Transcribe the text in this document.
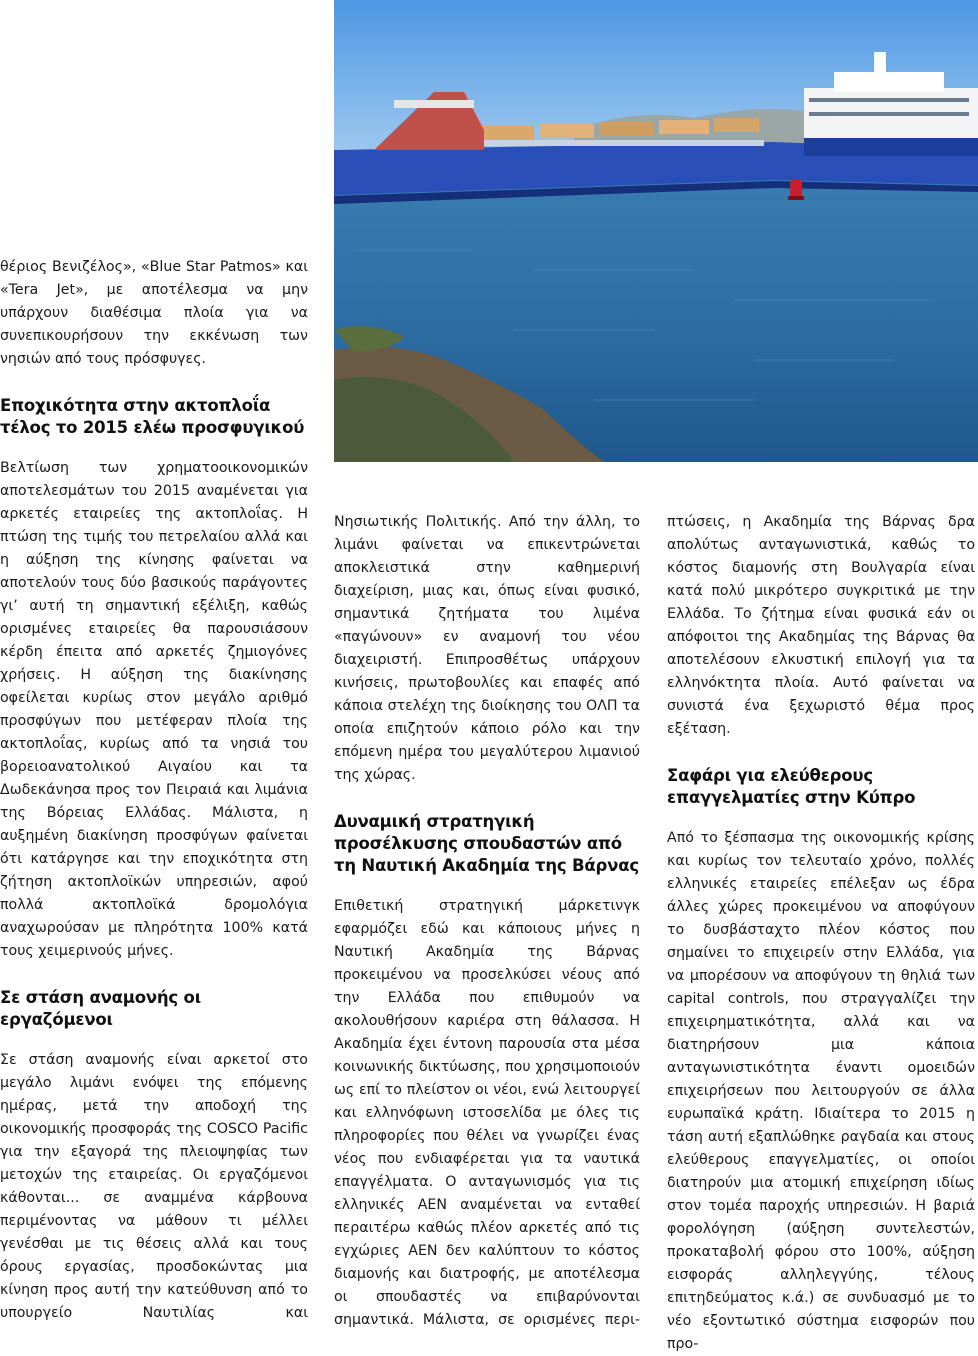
θέριος Βενιζέλος», «Blue Star Patmos» και «Tera Jet», με αποτέλεσμα να μην υπάρχουν διαθέσιμα πλοία για να συνεπικουρήσουν την εκκένωση των νησιών από τους πρόσφυγες.

Εποχικότητα στην ακτοπλοΐα τέλος το 2015 ελέω προσφυγικού

Βελτίωση των χρηματοοικονομικών αποτελεσμάτων του 2015 αναμένεται για αρκετές εταιρείες της ακτοπλοΐας. Η πτώση της τιμής του πετρελαίου αλλά και η αύξηση της κίνησης φαίνεται να αποτελούν τους δύο βασικούς παράγοντες γι’ αυτή τη σημαντική εξέλιξη, καθώς ορισμένες εταιρείες θα παρουσιάσουν κέρδη έπειτα από αρκετές ζημιογόνες χρήσεις. Η αύξηση της διακίνησης οφείλεται κυρίως στον μεγάλο αριθμό προσφύγων που μετέφεραν πλοία της ακτοπλοΐας, κυρίως από τα νησιά του βορειοανατολικού Αιγαίου και τα Δωδεκάνησα προς τον Πειραιά και λιμάνια της Βόρειας Ελλάδας. Μάλιστα, η αυξημένη διακίνηση προσφύγων φαίνεται ότι κατάργησε και την εποχικότητα στη ζήτηση ακτοπλοϊκών υπηρεσιών, αφού πολλά ακτοπλοϊκά δρομολόγια αναχωρούσαν με πληρότητα 100% κατά τους χειμερινούς μήνες.

Σε στάση αναμονής οι εργαζόμενοι

Σε στάση αναμονής είναι αρκετοί στο μεγάλο λιμάνι ενόψει της επόμενης ημέρας, μετά την αποδοχή της οικονομικής προσφοράς της COSCO Pacific για την εξαγορά της πλειοψηφίας των μετοχών της εταιρείας. Οι εργαζόμενοι κάθονται... σε αναμμένα κάρβουνα περιμένοντας να μάθουν τι μέλλει γενέσθαι με τις θέσεις αλλά και τους όρους εργασίας, προσδοκώντας μια κίνηση προς αυτή την κατεύθυνση από το υπουργείο Ναυτιλίας και

Νησιωτικής Πολιτικής. Από την άλλη, το λιμάνι φαίνεται να επικεντρώνεται αποκλειστικά στην καθημερινή διαχείριση, μιας και, όπως είναι φυσικό, σημαντικά ζητήματα του λιμένα «παγώνουν» εν αναμονή του νέου διαχειριστή. Επιπροσθέτως υπάρχουν κινήσεις, πρωτοβουλίες και επαφές από κάποια στελέχη της διοίκησης του ΟΛΠ τα οποία επιζητούν κάποιο ρόλο και την επόμενη ημέρα του μεγαλύτερου λιμανιού της χώρας.

Δυναμική στρατηγική προσέλκυσης σπουδαστών από τη Ναυτική Ακαδημία της Βάρνας

Επιθετική στρατηγική μάρκετινγκ εφαρμόζει εδώ και κάποιους μήνες η Ναυτική Ακαδημία της Βάρνας προκειμένου να προσελκύσει νέους από την Ελλάδα που επιθυμούν να ακολουθήσουν καριέρα στη θάλασσα. Η Ακαδημία έχει έντονη παρουσία στα μέσα κοινωνικής δικτύωσης, που χρησιμοποιούν ως επί το πλείστον οι νέοι, ενώ λειτουργεί και ελληνόφωνη ιστοσελίδα με όλες τις πληροφορίες που θέλει να γνωρίζει ένας νέος που ενδιαφέρεται για τα ναυτικά επαγγέλματα. Ο ανταγωνισμός για τις ελληνικές ΑΕΝ αναμένεται να ενταθεί περαιτέρω καθώς πλέον αρκετές από τις εγχώριες ΑΕΝ δεν καλύπτουν το κόστος διαμονής και διατροφής, με αποτέλεσμα οι σπουδαστές να επιβαρύνονται σημαντικά. Μάλιστα, σε ορισμένες περι-

πτώσεις, η Ακαδημία της Βάρνας δρα απολύτως ανταγωνιστικά, καθώς το κόστος διαμονής στη Βουλγαρία είναι κατά πολύ μικρότερο συγκριτικά με την Ελλάδα. Το ζήτημα είναι φυσικά εάν οι απόφοιτοι της Ακαδημίας της Βάρνας θα αποτελέσουν ελκυστική επιλογή για τα ελληνόκτητα πλοία. Αυτό φαίνεται να συνιστά ένα ξεχωριστό θέμα προς εξέταση.

Σαφάρι για ελεύθερους επαγγελματίες στην Κύπρο

Από το ξέσπασμα της οικονομικής κρίσης και κυρίως τον τελευταίο χρόνο, πολλές ελληνικές εταιρείες επέλεξαν ως έδρα άλλες χώρες προκειμένου να αποφύγουν το δυσβάσταχτο πλέον κόστος που σημαίνει το επιχειρείν στην Ελλάδα, για να μπορέσουν να αποφύγουν τη θηλιά των capital controls, που στραγγαλίζει την επιχειρηματικότητα, αλλά και να διατηρήσουν μια κάποια ανταγωνιστικότητα έναντι ομοειδών επιχειρήσεων που λειτουργούν σε άλλα ευρωπαϊκά κράτη. Ιδιαίτερα το 2015 η τάση αυτή εξαπλώθηκε ραγδαία και στους ελεύθερους επαγγελματίες, οι οποίοι διατηρούν μια ατομική επιχείρηση ιδίως στον τομέα παροχής υπηρεσιών. Η βαριά φορολόγηση (αύξηση συντελεστών, προκαταβολή φόρου στο 100%, αύξηση εισφοράς αλληλεγγύης, τέλους επιτηδεύματος κ.ά.) σε συνδυασμό με το νέο εξοντωτικό σύστημα εισφορών που προ-
